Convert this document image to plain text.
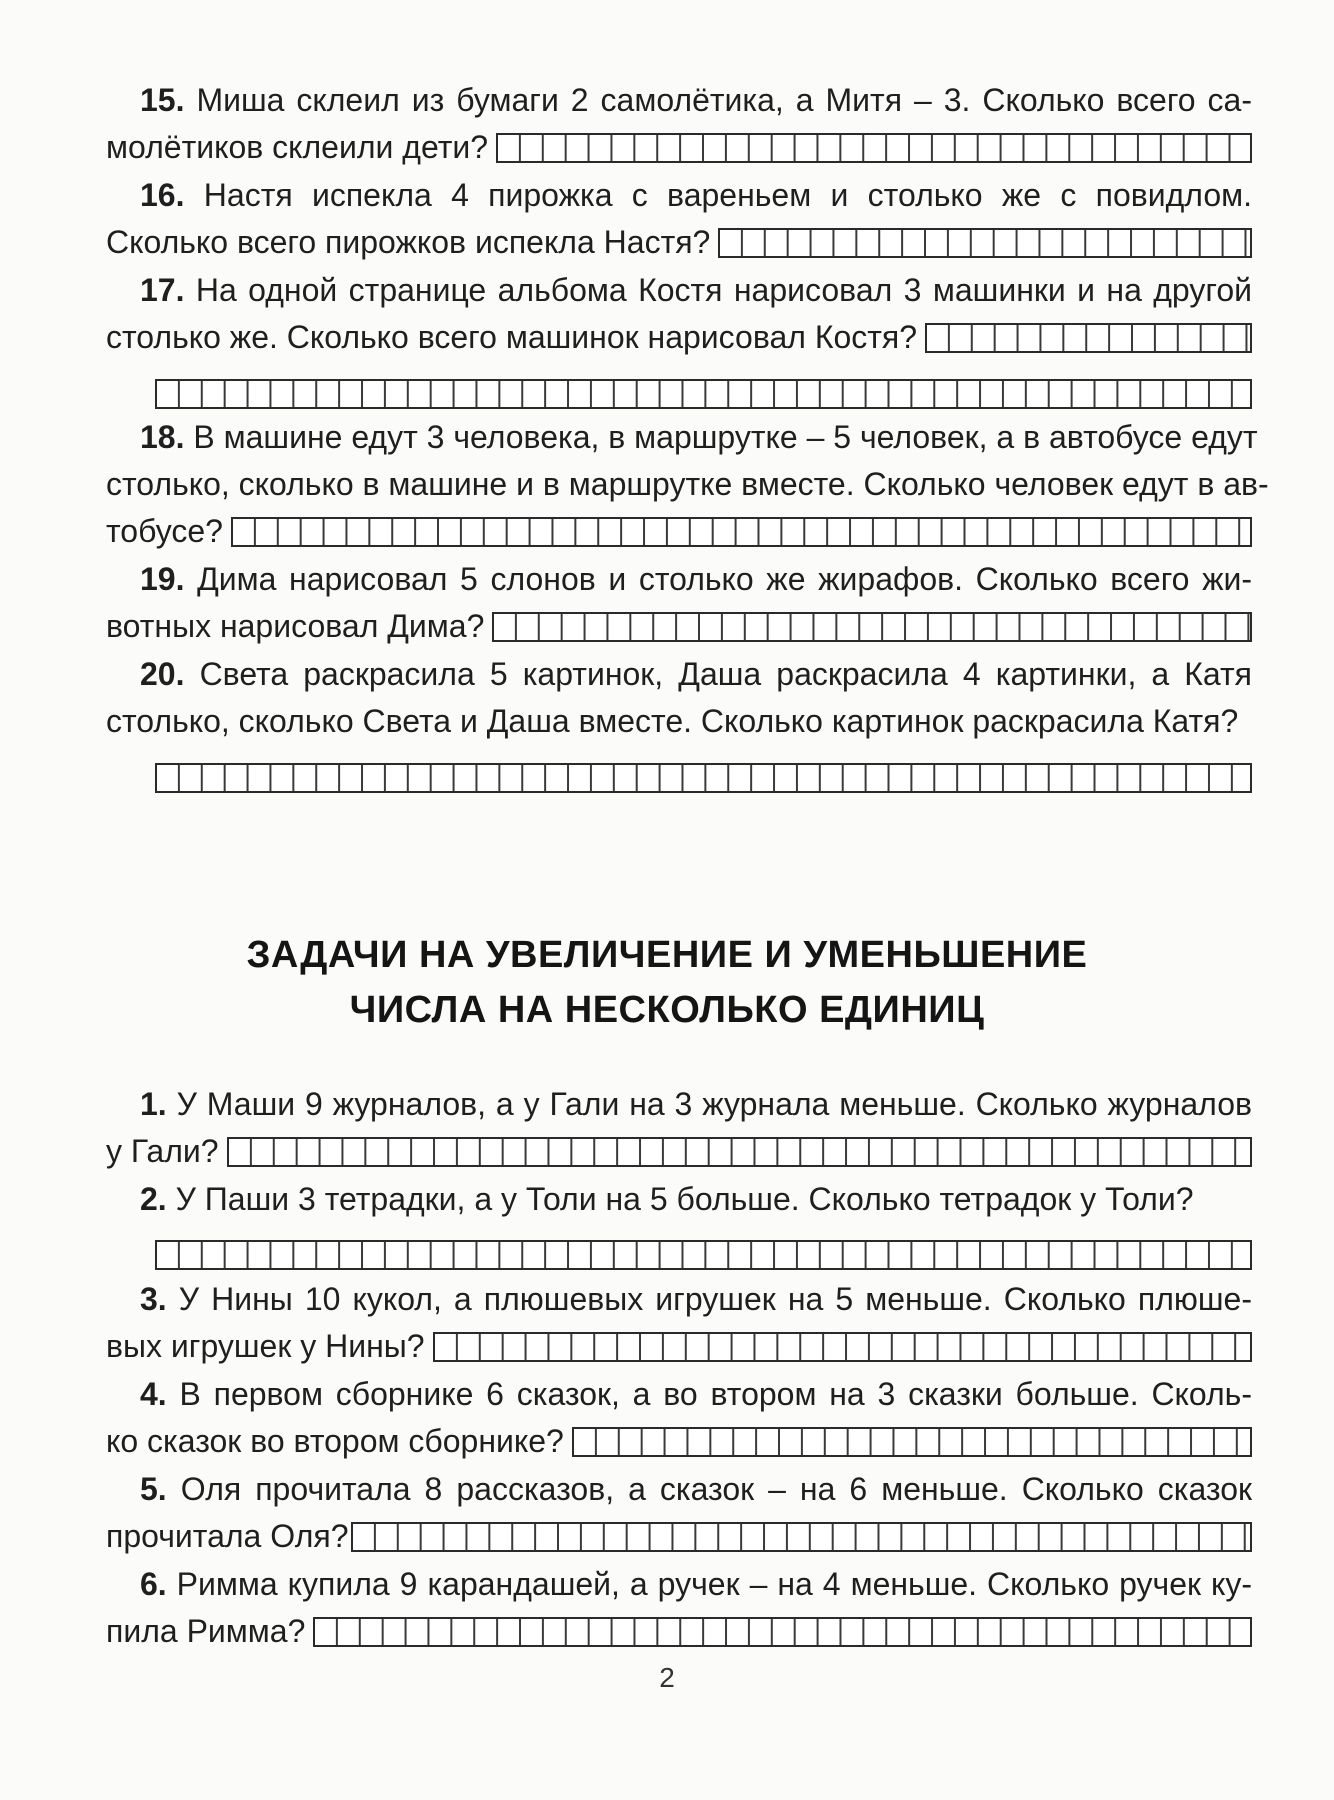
15. Миша склеил из бумаги 2 самолётика, а Митя – 3. Сколько всего са-
молётиков склеили дети?
16. Настя испекла 4 пирожка с вареньем и столько же с повидлом.
Сколько всего пирожков испекла Настя?
17. На одной странице альбома Костя нарисовал 3 машинки и на другой
столько же. Сколько всего машинок нарисовал Костя?
18. В машине едут 3 человека, в маршрутке – 5 человек, а в автобусе едут
столько, сколько в машине и в маршрутке вместе. Сколько человек едут в ав-
тобусе?
19. Дима нарисовал 5 слонов и столько же жирафов. Сколько всего жи-
вотных нарисовал Дима?
20. Света раскрасила 5 картинок, Даша раскрасила 4 картинки, а Катя
столько, сколько Света и Даша вместе. Сколько картинок раскрасила Катя?
ЗАДАЧИ НА УВЕЛИЧЕНИЕ И УМЕНЬШЕНИЕ
ЧИСЛА НА НЕСКОЛЬКО ЕДИНИЦ
1. У Маши 9 журналов, а у Гали на 3 журнала меньше. Сколько журналов
у Гали?
2. У Паши 3 тетрадки, а у Толи на 5 больше. Сколько тетрадок у Толи?
3. У Нины 10 кукол, а плюшевых игрушек на 5 меньше. Сколько плюше-
вых игрушек у Нины?
4. В первом сборнике 6 сказок, а во втором на 3 сказки больше. Сколь-
ко сказок во втором сборнике?
5. Оля прочитала 8 рассказов, а сказок – на 6 меньше. Сколько сказок
прочитала Оля?
6. Римма купила 9 карандашей, а ручек – на 4 меньше. Сколько ручек ку-
пила Римма?
2
